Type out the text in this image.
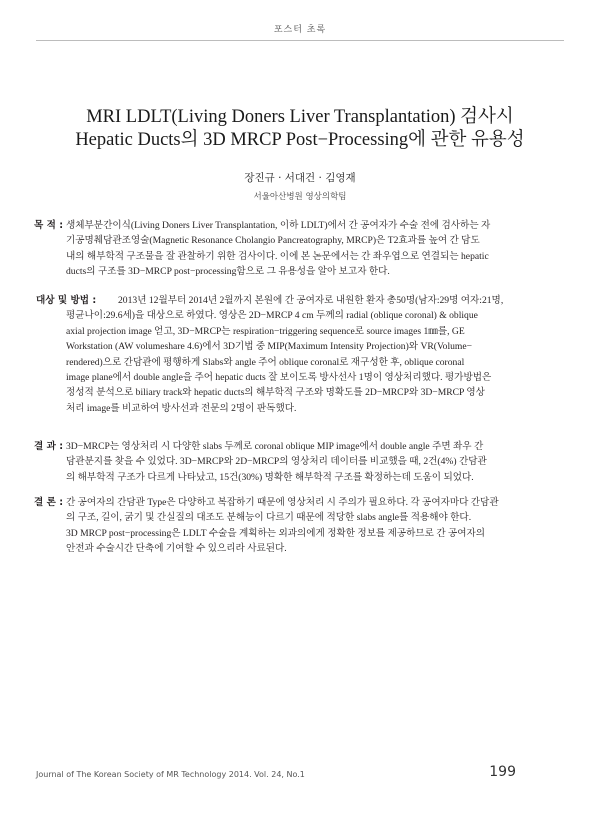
포스터 초록
MRI LDLT(Living Doners Liver Transplantation) 검사시
Hepatic Ducts의 3D MRCP Post−Processing에 관한 유용성
장진규 · 서대건 · 김영재
서울아산병원 영상의학팀
목 적 : 생체부분간이식(Living Doners Liver Transplantation, 이하 LDLT)에서 간 공여자가 수술 전에 검사하는 자
기공명췌담관조영술(Magnetic Resonance Cholangio Pancreatography, MRCP)은 T2효과를 높여 간 담도
내의 해부학적 구조물을 잘 관찰하기 위한 검사이다. 이에 본 논문에서는 간 좌우엽으로 연결되는 hepatic
ducts의 구조를 3D−MRCP post−processing함으로 그 유용성을 알아 보고자 한다.
대상 및 방법 :	2013년 12월부터 2014년 2월까지 본원에 간 공여자로 내원한 환자 총50명(남자:29명 여자:21명,
평균나이:29.6세)을 대상으로 하였다. 영상은 2D−MRCP 4 cm 두께의 radial (oblique coronal) & oblique
axial projection image 얻고, 3D−MRCP는 respiration−triggering sequence로 source images 1㎜를, GE
Workstation (AW volumeshare 4.6)에서 3D기법 중 MIP(Maximum Intensity Projection)와 VR(Volume−
rendered)으로 간담관에 평행하게 Slabs와 angle 주어 oblique coronal로 재구성한 후, oblique coronal
image plane에서 double angle을 주어 hepatic ducts 잘 보이도록 방사선사 1명이 영상처리했다. 평가방법은
정성적 분석으로 biliary track와 hepatic ducts의 해부학적 구조와 명확도를 2D−MRCP와 3D−MRCP 영상
처리 image를 비교하여 방사선과 전문의 2명이 판독했다.
결 과 : 3D−MRCP는 영상처리 시 다양한 slabs 두께로 coronal oblique MIP image에서 double angle 주면 좌우 간
담관분지를 찾을 수 있었다. 3D−MRCP와 2D−MRCP의 영상처리 데이터를 비교했을 때, 2건(4%) 간담관
의 해부학적 구조가 다르게 나타났고, 15건(30%) 명확한 해부학적 구조를 확정하는데 도움이 되었다.
결 론 : 간 공여자의 간담관 Type은 다양하고 복잡하기 때문에 영상처리 시 주의가 필요하다. 각 공여자마다 간담관
의 구조, 길이, 굵기 및 간실질의 대조도 분해능이 다르기 때문에 적당한 slabs angle를 적용해야 한다.
3D MRCP post−processing은 LDLT 수술을 계획하는 외과의에게 정확한 정보를 제공하므로 간 공여자의
안전과 수술시간 단축에 기여할 수 있으리라 사료된다.
Journal of The Korean Society of MR Technology 2014. Vol. 24, No.1	199
